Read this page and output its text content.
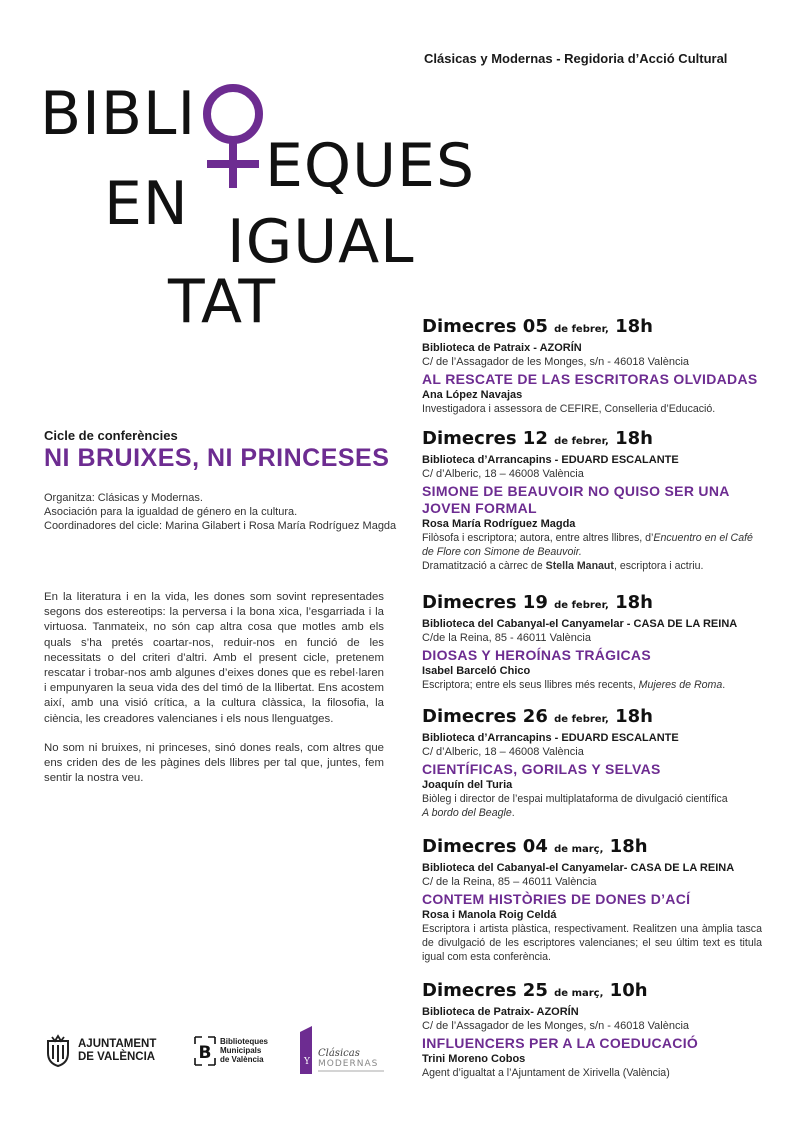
Clásicas y Modernas - Regidoria d’Acció Cultural
BIBLI
EQUES
EN
IGUAL
TAT
Cicle de conferències
NI BRUIXES, NI PRINCESES
Organitza: Clásicas y Modernas.
Asociación para la igualdad de género en la cultura.
Coordinadores del cicle: Marina Gilabert i Rosa María Rodríguez Magda

En la literatura i en la vida, les dones som sovint representades segons dos estereotips: la perversa i la bona xica, l’esgarriada i la virtuosa. Tanmateix, no són cap altra cosa que motles amb els quals s’ha pretés coartar-nos, reduir-nos en funció de les necessitats o del criteri d’altri. Amb el present cicle, pretenem rescatar i trobar-nos amb algunes d’eixes dones que es rebel·laren i empunyaren la seua vida des del timó de la llibertat. Ens acostem així, amb una visió crítica, a la cultura clàssica, la filosofia, la ciència, les creadores valencianes i els nous llenguatges.

No som ni bruixes, ni princeses, sinó dones reals, com altres que ens criden des de les pàgines dels llibres per tal que, juntes, fem sentir la nostra veu.

Dimecres 05 de febrer, 18h
Biblioteca de Patraix - AZORÍN
C/ de l’Assagador de les Monges, s/n - 46018 València
AL RESCATE DE LAS ESCRITORAS OLVIDADAS
Ana López Navajas
Investigadora i assessora de CEFIRE, Conselleria d’Educació.
Dimecres 12 de febrer, 18h
Biblioteca d’Arrancapins - EDUARD ESCALANTE
C/ d’Alberic, 18 – 46008 València
SIMONE DE BEAUVOIR NO QUISO SER UNA JOVEN FORMAL
Rosa María Rodríguez Magda
Filòsofa i escriptora; autora, entre altres llibres, d’Encuentro en el Café de Flore con Simone de Beauvoir.
Dramatització a càrrec de Stella Manaut, escriptora i actriu.
Dimecres 19 de febrer, 18h
Biblioteca del Cabanyal-el Canyamelar - CASA DE LA REINA
C/de la Reina, 85 - 46011 València
DIOSAS Y HEROÍNAS TRÁGICAS
Isabel Barceló Chico
Escriptora; entre els seus llibres més recents, Mujeres de Roma.
Dimecres 26 de febrer, 18h
Biblioteca d’Arrancapins - EDUARD ESCALANTE
C/ d’Alberic, 18 – 46008 València
CIENTÍFICAS, GORILAS Y SELVAS
Joaquín del Turia
Biòleg i director de l’espai multiplataforma de divulgació científica
A bordo del Beagle.
Dimecres 04 de març, 18h
Biblioteca del Cabanyal-el Canyamelar- CASA DE LA REINA
C/ de la Reina, 85 – 46011 València
CONTEM HISTÒRIES DE DONES D’ACÍ
Rosa i Manola Roig Celdá
Escriptora i artista plàstica, respectivament. Realitzen una àmplia tasca de divulgació de les escriptores valencianes; el seu últim text es titula igual com esta conferència.
Dimecres 25 de març, 10h
Biblioteca de Patraix- AZORÍN
C/ de l’Assagador de les Monges, s/n - 46018 València
INFLUENCERS PER A LA COEDUCACIÓ
Trini Moreno Cobos
Agent d’igualtat a l’Ajuntament de Xirivella (València)
AJUNTAMENT
DE VALÈNCIA	B
Biblioteques
Municipals
de València	Y
Clásicas
MODERNAS
